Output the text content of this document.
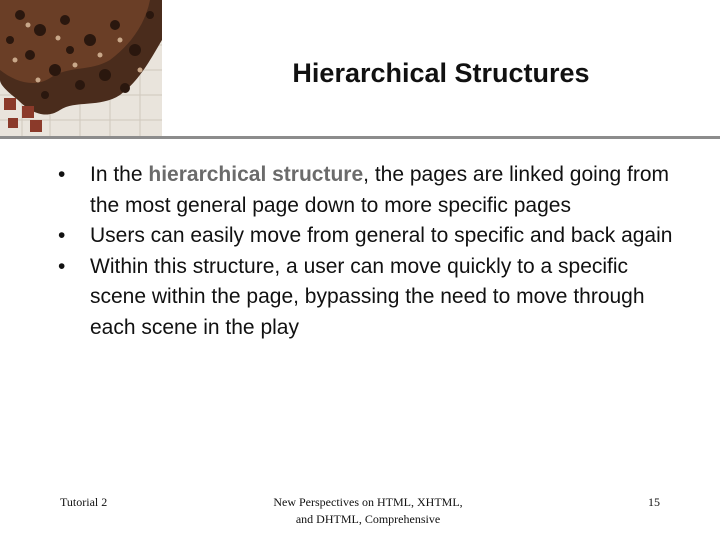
Hierarchical Structures
•	In the hierarchical structure, the pages are linked going from the most general page down to more specific pages
•	Users can easily move from general to specific and back again
•	Within this structure, a user can move quickly to a specific scene within the page, bypassing the need to move through each scene in the play
Tutorial 2	New Perspectives on HTML, XHTML,
and DHTML, Comprehensive
15
